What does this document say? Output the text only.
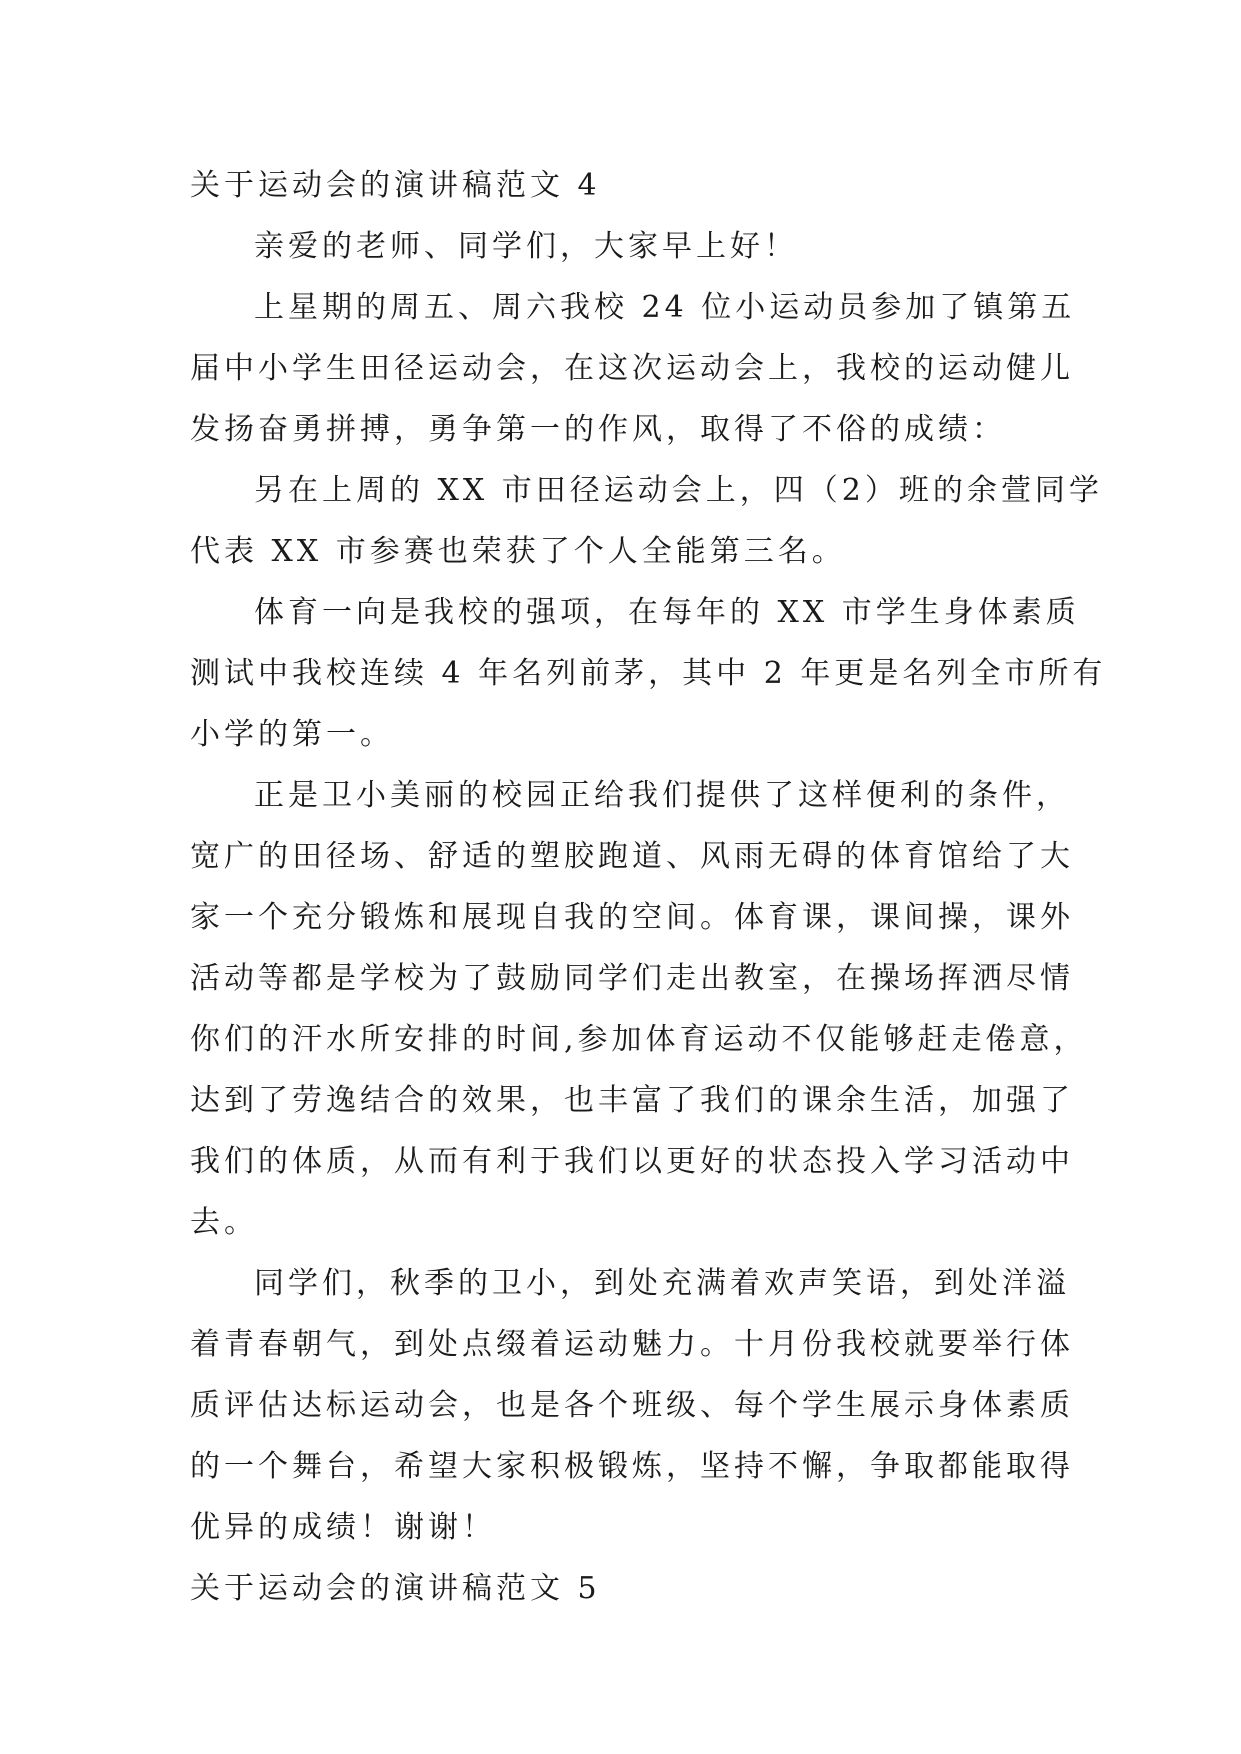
关于运动会的演讲稿范文 4
亲爱的老师、同学们，大家早上好！
上星期的周五、周六我校 24 位小运动员参加了镇第五
届中小学生田径运动会，在这次运动会上，我校的运动健儿
发扬奋勇拼搏，勇争第一的作风，取得了不俗的成绩：
另在上周的 XX 市田径运动会上，四（2）班的余萱同学
代表 XX 市参赛也荣获了个人全能第三名。
体育一向是我校的强项，在每年的 XX 市学生身体素质
测试中我校连续 4 年名列前茅，其中 2 年更是名列全市所有
小学的第一。
正是卫小美丽的校园正给我们提供了这样便利的条件，
宽广的田径场、舒适的塑胶跑道、风雨无碍的体育馆给了大
家一个充分锻炼和展现自我的空间。体育课，课间操，课外
活动等都是学校为了鼓励同学们走出教室，在操场挥洒尽情
你们的汗水所安排的时间,参加体育运动不仅能够赶走倦意，
达到了劳逸结合的效果，也丰富了我们的课余生活，加强了
我们的体质，从而有利于我们以更好的状态投入学习活动中
去。
同学们，秋季的卫小，到处充满着欢声笑语，到处洋溢
着青春朝气，到处点缀着运动魅力。十月份我校就要举行体
质评估达标运动会，也是各个班级、每个学生展示身体素质
的一个舞台，希望大家积极锻炼，坚持不懈，争取都能取得
优异的成绩！谢谢！
关于运动会的演讲稿范文 5
